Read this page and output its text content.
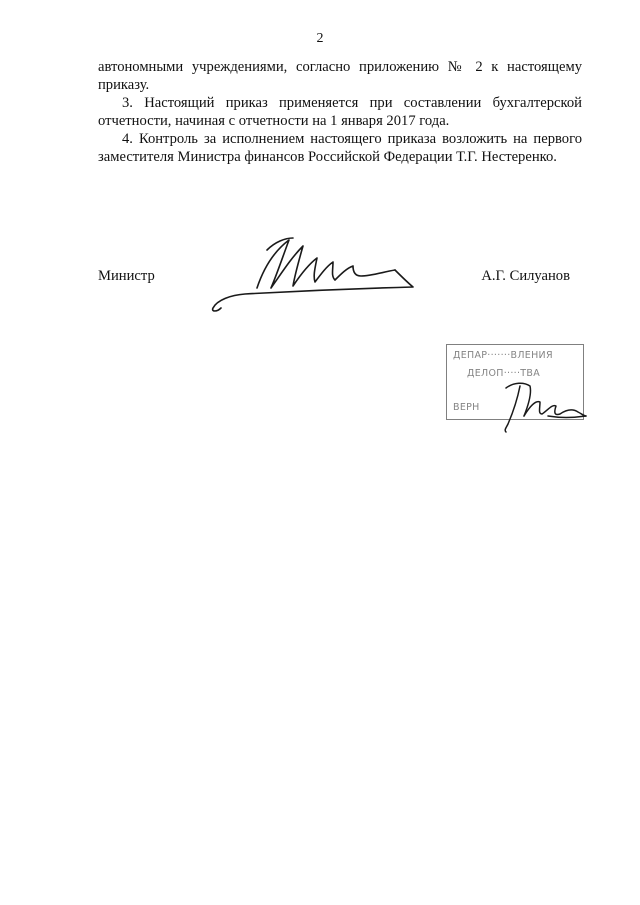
2

автономными учреждениями, согласно приложению № 2 к настоящему приказу.

3. Настоящий приказ применяется при составлении бухгалтерской отчетности, начиная с отчетности на 1 января 2017 года.

4. Контроль за исполнением настоящего приказа возложить на первого заместителя Министра финансов Российской Федерации Т.Г. Нестеренко.

Министр	А.Г. Силуанов
ДЕПАР·······ВЛЕНИЯ
ДЕЛОП·····ТВА
ВЕРН
